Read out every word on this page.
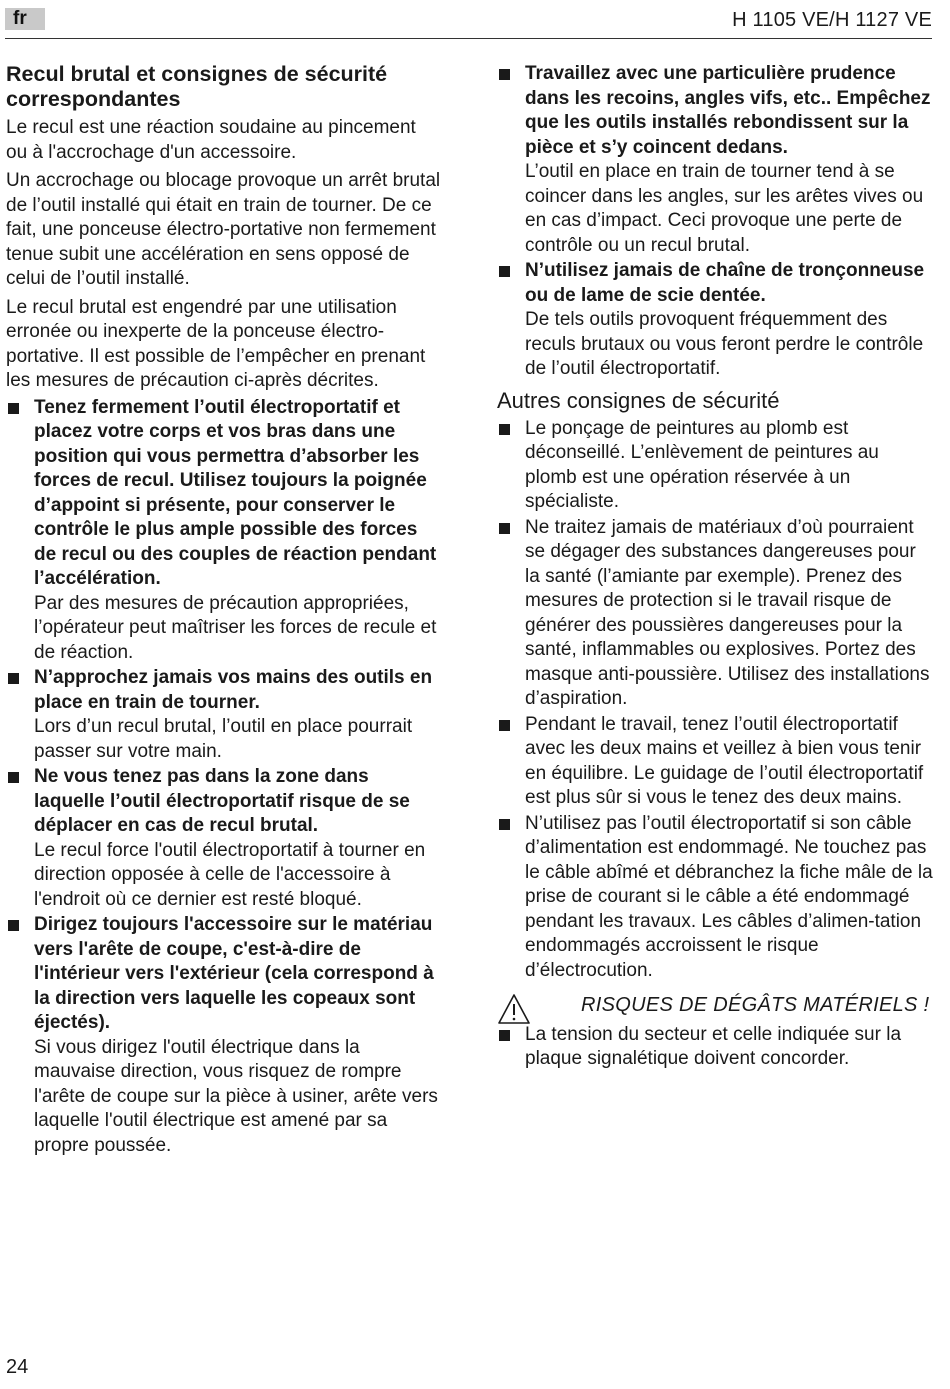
fr	H 1105 VE/H 1127 VE
Recul brutal et consignes de sécurité correspondantes

Le recul est une réaction soudaine au pincement ou à l'accrochage d'un accessoire.

Un accrochage ou blocage provoque un arrêt brutal de l’outil installé qui était en train de tourner. De ce fait, une ponceuse électro-portative non fermement tenue subit une accélération en sens opposé de celui de l’outil installé.

Le recul brutal est engendré par une utilisation erronée ou inexperte de la ponceuse électro-portative. Il est possible de l’empêcher en prenant les mesures de précaution ci-après décrites.

Tenez fermement l’outil électroportatif et placez votre corps et vos bras dans une position qui vous permettra d’absorber les forces de recul. Utilisez toujours la poignée d’appoint si présente, pour conserver le contrôle le plus ample possible des forces de recul ou des couples de réaction pendant l’accélération.
Par des mesures de précaution appropriées, l’opérateur peut maîtriser les forces de recule et de réaction.
N’approchez jamais vos mains des outils en place en train de tourner.
Lors d’un recul brutal, l’outil en place pourrait passer sur votre main.
Ne vous tenez pas dans la zone dans laquelle l’outil électroportatif risque de se déplacer en cas de recul brutal.
Le recul force l'outil électroportatif à tourner en direction opposée à celle de l'accessoire à l'endroit où ce dernier est resté bloqué.
Dirigez toujours l'accessoire sur le matériau vers l'arête de coupe, c'est-à-dire de l'intérieur vers l'extérieur (cela correspond à la direction vers laquelle les copeaux sont éjectés).
Si vous dirigez l'outil électrique dans la mauvaise direction, vous risquez de rompre l'arête de coupe sur la pièce à usiner, arête vers laquelle l'outil électrique est amené par sa propre poussée.
Travaillez avec une particulière prudence dans les recoins, angles vifs, etc.. Empêchez que les outils installés rebondissent sur la pièce et s’y coincent dedans.
L’outil en place en train de tourner tend à se coincer dans les angles, sur les arêtes vives ou en cas d’impact. Ceci provoque une perte de contrôle ou un recul brutal.
N’utilisez jamais de chaîne de tronçonneuse ou de lame de scie dentée.
De tels outils provoquent fréquemment des reculs brutaux ou vous feront perdre le contrôle de l’outil électroportatif.
Autres consignes de sécurité
Le ponçage de peintures au plomb est déconseillé. L’enlèvement de peintures au plomb est une opération réservée à un spécialiste.
Ne traitez jamais de matériaux d’où pourraient se dégager des substances dangereuses pour la santé (l’amiante par exemple). Prenez des mesures de protection si le travail risque de générer des poussières dangereuses pour la santé, inflammables ou explosives. Portez des masque anti-poussière. Utilisez des installations d’aspiration.
Pendant le travail, tenez l’outil électroportatif avec les deux mains et veillez à bien vous tenir en équilibre. Le guidage de l’outil électroportatif est plus sûr si vous le tenez des deux mains.
N’utilisez pas l’outil électroportatif si son câble d’alimentation est endommagé. Ne touchez pas le câble abîmé et débranchez la fiche mâle de la prise de courant si le câble a été endommagé pendant les travaux. Les câbles d’alimen-tation endommagés accroissent le risque d’électrocution.
RISQUES DE DÉGÂTS MATÉRIELS !
La tension du secteur et celle indiquée sur la plaque signalétique doivent concorder.
24
